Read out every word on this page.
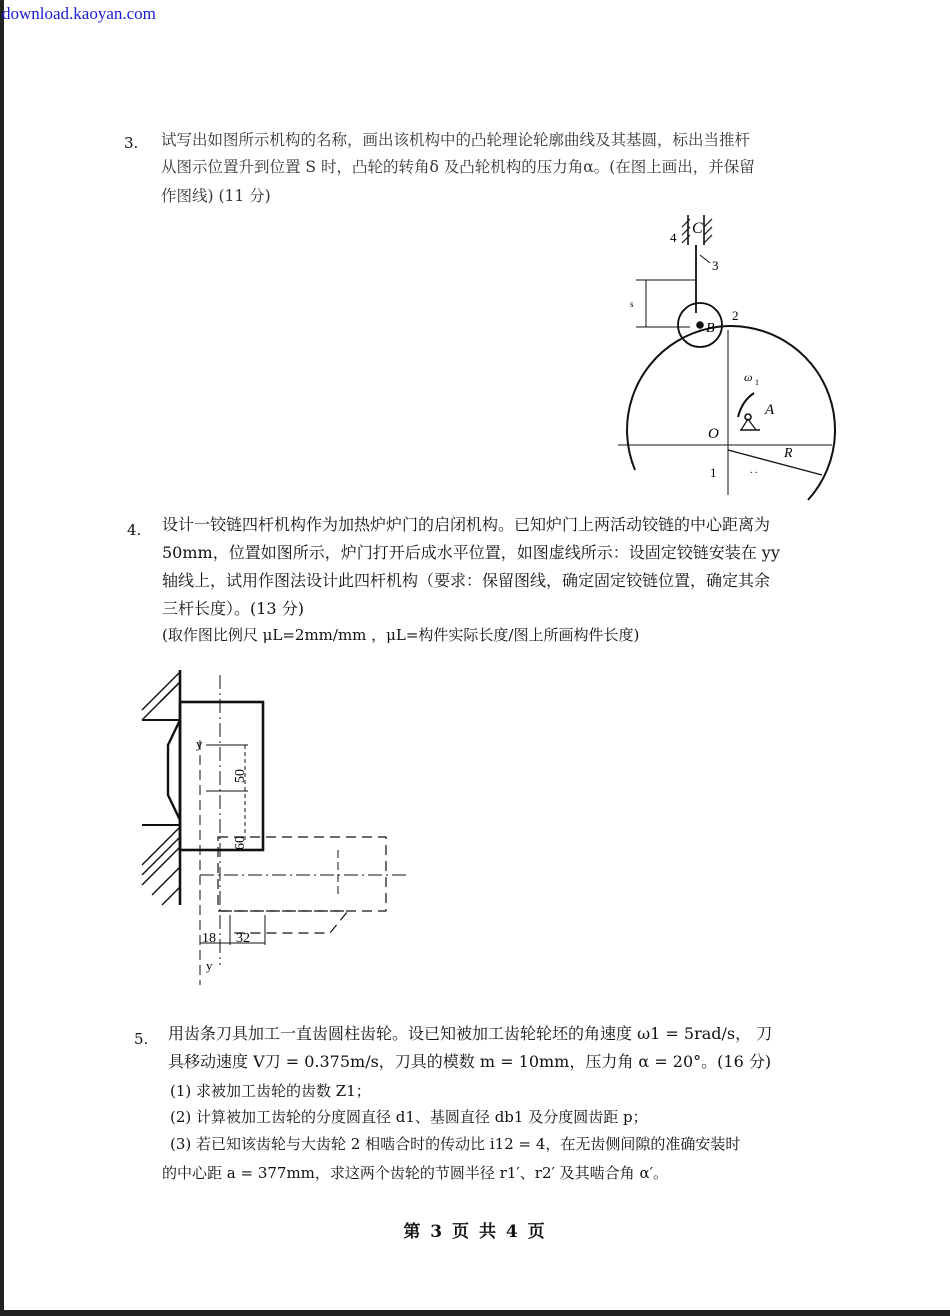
download.kaoyan.com
3. 试写出如图所示机构的名称，画出该机构中的凸轮理论轮廓曲线及其基圆，标出当推杆
从图示位置升到位置 S 时，凸轮的转角δ 及凸轮机构的压力角α。(在图上画出，并保留
作图线) (11 分)
C
4
3
2
B
s
ω 1
A
O
R
1	. .
4. 设计一铰链四杆机构作为加热炉炉门的启闭机构。已知炉门上两活动铰链的中心距离为
50mm，位置如图所示，炉门打开后成水平位置，如图虚线所示：设固定铰链安装在 yy
轴线上，试用作图法设计此四杆机构（要求：保留图线，确定固定铰链位置，确定其余
三杆长度）。(13 分)
(取作图比例尺 μL=2mm/mm ，μL=构件实际长度/图上所画构件长度)
y
50
60
18 32
y
5. 用齿条刀具加工一直齿圆柱齿轮。设已知被加工齿轮轮坯的角速度 ω1 = 5rad/s， 刀
具移动速度 V刀 = 0.375m/s，刀具的模数 m = 10mm，压力角 α = 20°。(16 分)
(1) 求被加工齿轮的齿数 Z1；
(2) 计算被加工齿轮的分度圆直径 d1、基圆直径 db1 及分度圆齿距 p；
(3) 若已知该齿轮与大齿轮 2 相啮合时的传动比 i12 = 4，在无齿侧间隙的准确安装时
的中心距 a = 377mm，求这两个齿轮的节圆半径 r1′、r2′ 及其啮合角 α′。
第 3 页 共 4 页
